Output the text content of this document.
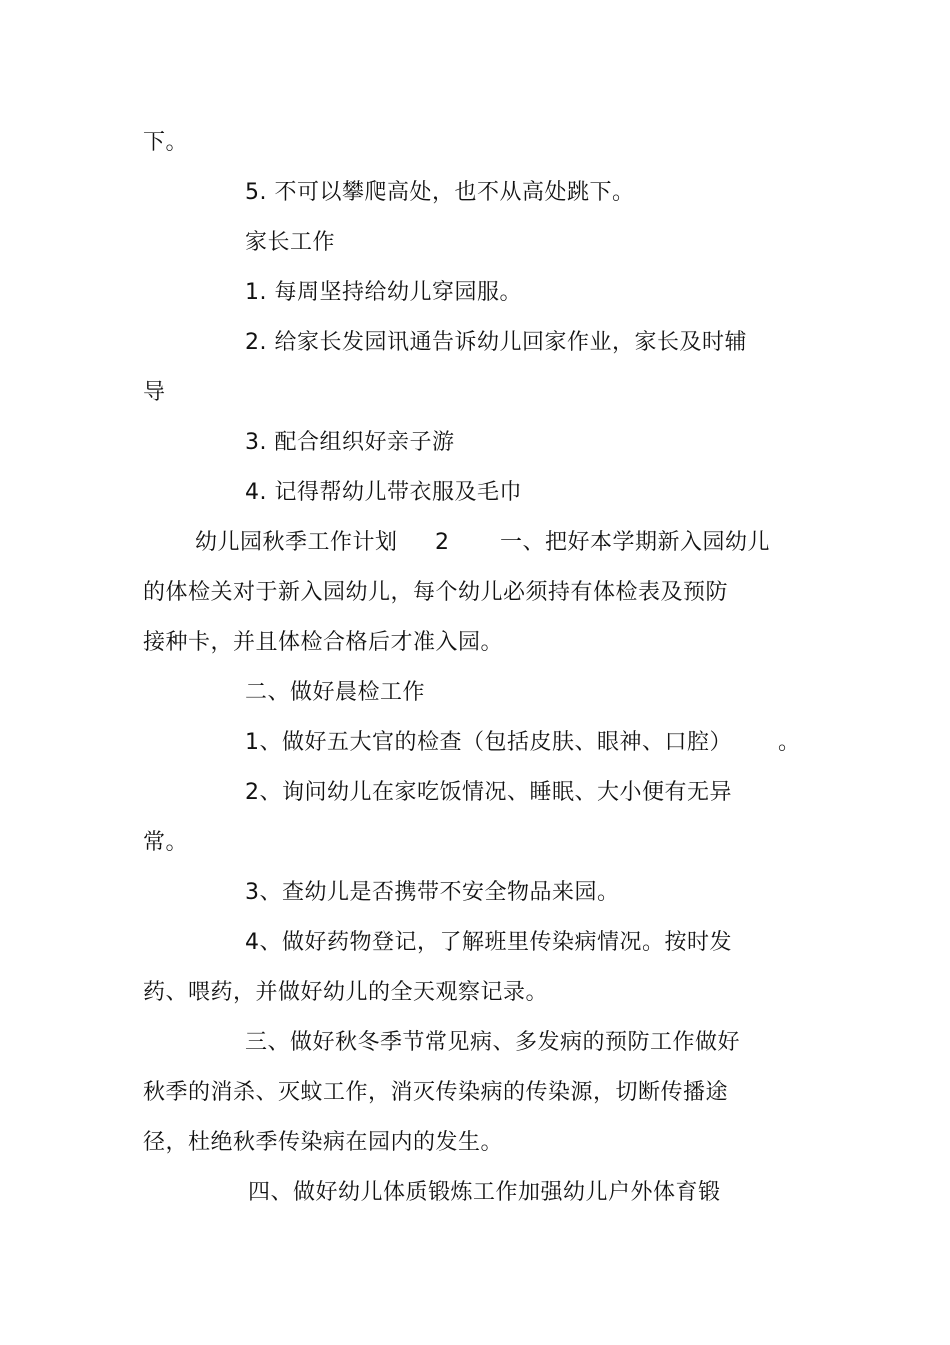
下。
5. 不可以攀爬高处，也不从高处跳下。
家长工作
1. 每周坚持给幼儿穿园服。
2. 给家长发园讯通告诉幼儿回家作业，家长及时辅
导
3. 配合组织好亲子游
4. 记得帮幼儿带衣服及毛巾
幼儿园秋季工作计划 2 一、把好本学期新入园幼儿
的体检关对于新入园幼儿，每个幼儿必须持有体检表及预防
接种卡，并且体检合格后才准入园。
二、做好晨检工作
1、做好五大官的检查（包括皮肤、眼神、口腔） 。
2、询问幼儿在家吃饭情况、睡眠、大小便有无异
常。
3、查幼儿是否携带不安全物品来园。
4、做好药物登记，了解班里传染病情况。按时发
药、喂药，并做好幼儿的全天观察记录。
三、做好秋冬季节常见病、多发病的预防工作做好
秋季的消杀、灭蚊工作，消灭传染病的传染源，切断传播途
径，杜绝秋季传染病在园内的发生。
四、做好幼儿体质锻炼工作加强幼儿户外体育锻
